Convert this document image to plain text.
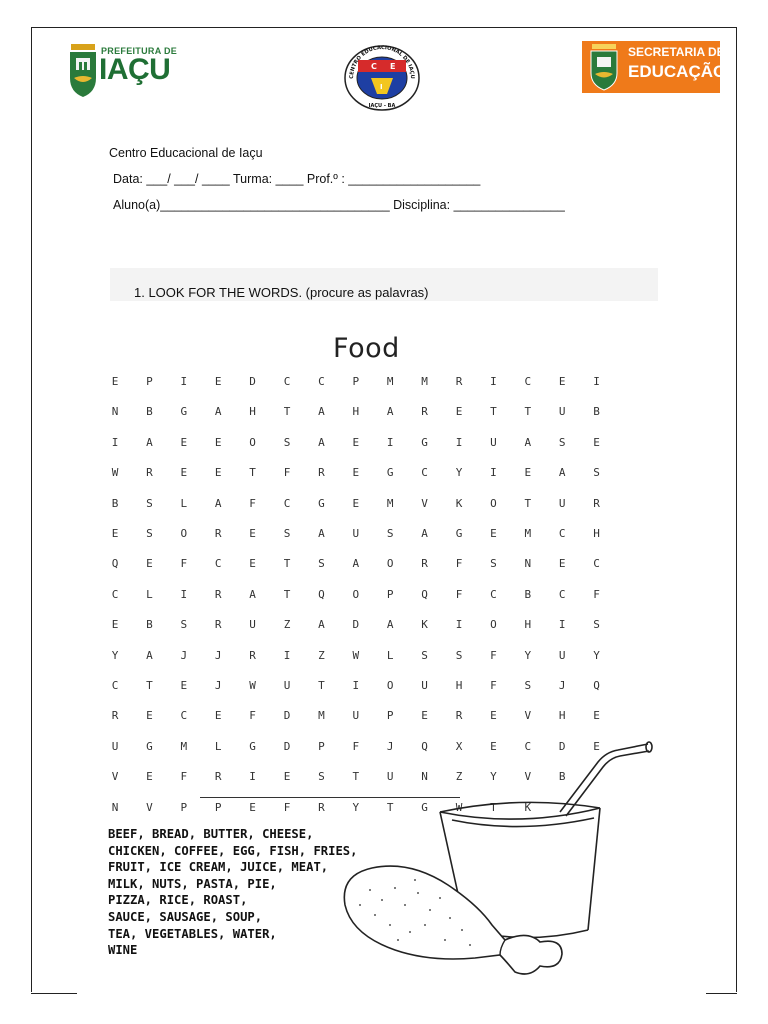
PREFEITURA DE
IAÇU	C E
I
CENTRO EDUCACIONAL DE IAÇU
IAÇU - BA
SECRETARIA DE
EDUCAÇÃO
Centro Educacional de Iaçu
Data: ___/ ___/ ____ Turma: ____ Prof.º : ___________________
Aluno(a)_________________________________ Disciplina: ________________
1. LOOK FOR THE WORDS. (procure as palavras)
Food
E	P	I	E	D	C	C	P	M	M	R	I	C	E	I
N	B	G	A	H	T	A	H	A	R	E	T	T	U	B
I	A	E	E	O	S	A	E	I	G	I	U	A	S	E
W	R	E	E	T	F	R	E	G	C	Y	I	E	A	S
B	S	L	A	F	C	G	E	M	V	K	O	T	U	R
E	S	O	R	E	S	A	U	S	A	G	E	M	C	H
Q	E	F	C	E	T	S	A	O	R	F	S	N	E	C
C	L	I	R	A	T	Q	O	P	Q	F	C	B	C	F
E	B	S	R	U	Z	A	D	A	K	I	O	H	I	S
Y	A	J	J	R	I	Z	W	L	S	S	F	Y	U	Y
C	T	E	J	W	U	T	I	O	U	H	F	S	J	Q
R	E	C	E	F	D	M	U	P	E	R	E	V	H	E
U	G	M	L	G	D	P	F	J	Q	X	E	C	D	E
V	E	F	R	I	E	S	T	U	N	Z	Y	V	B
N	V	P	P	E	F	R	Y	T	G	W	T	K
BEEF, BREAD, BUTTER, CHEESE,
CHICKEN, COFFEE, EGG, FISH, FRIES,
FRUIT, ICE CREAM, JUICE, MEAT,
MILK, NUTS, PASTA, PIE,
PIZZA, RICE, ROAST,
SAUCE, SAUSAGE, SOUP,
TEA, VEGETABLES, WATER,
WINE
